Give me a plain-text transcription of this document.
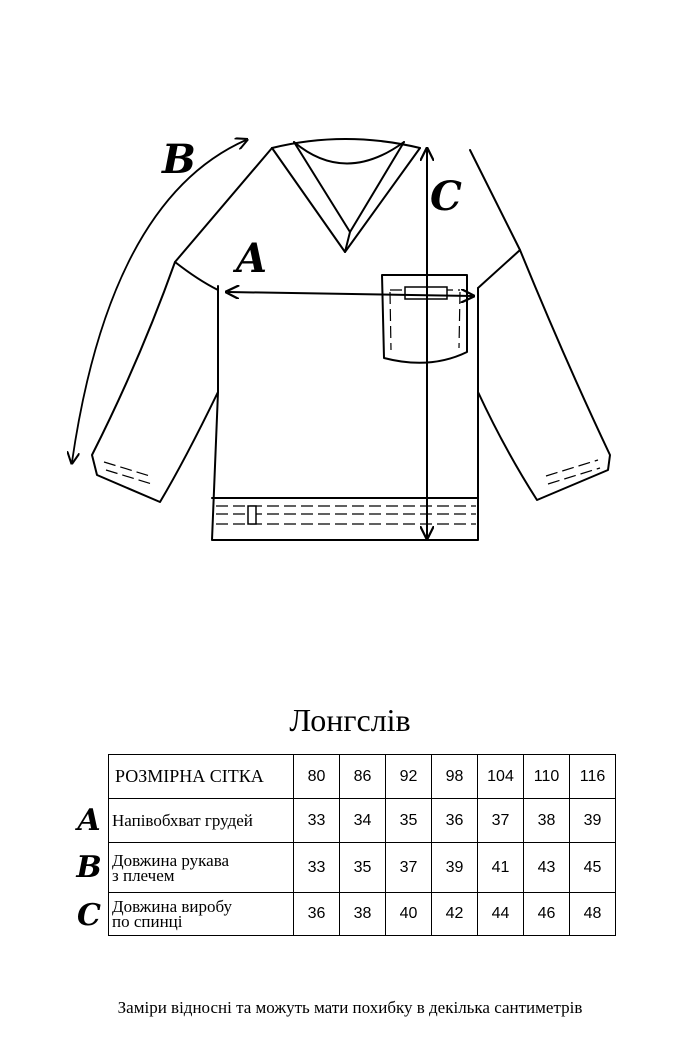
B
A
C
Лонгслів
A
B
C
РОЗМІРНА СІТКА	80	86	92	98	104	110	116
Напівобхват грудей	33	34	35	36	37	38	39

Довжина рукава
з плечем	33	35	37	39	41	43	45

Довжина виробу
по спинці	36	38	40	42	44	46	48
Заміри відносні та можуть мати похибку в декілька сантиметрів
